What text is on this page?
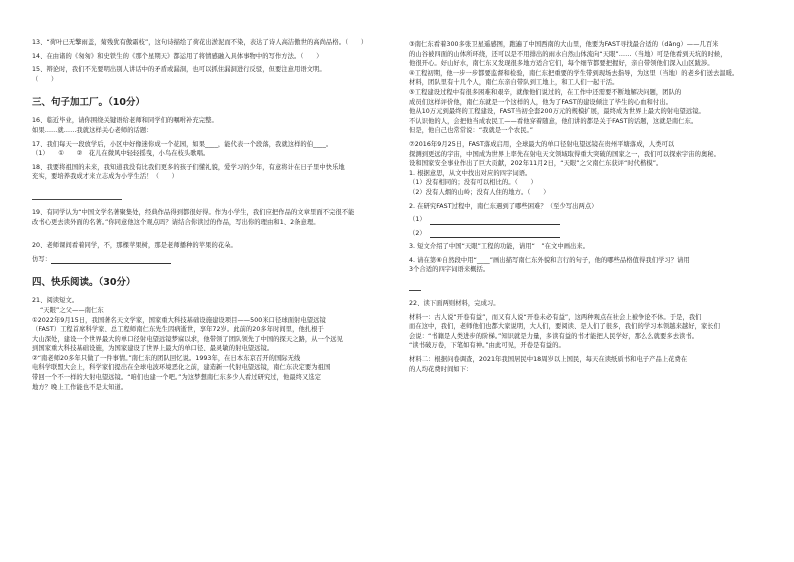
13、“荷叶已无擎雨盖，菊残犹有傲霜枝”，这句诗描绘了荷花出淤泥而不染，表达了诗人高洁傲世的高尚品格。（　　）

14、在由诸的《匆匆》和史铁生的《那个星期天》都运用了将情感融入具体事物中的写作方法。（　　）

15、辩论时，我们不光要明出别人讲话中的矛盾或漏洞，也可以抓住漏洞进行反驳，但要注意用语文明。

（　　）

三、句子加工厂。（10分）

16、临近毕业，请你围绕关键语给老师和同学们的嘱咐补充完整。

如果……就……我就这样关心老师的话题：

17、我们每天一段放学后，小区中好像迷你成一个花园，如果____，能代表一个段落，我就这样的伯____。

（1）　　①　　②　花儿在微风中轻轻摇曳，小鸟在枝头歌唱。

18、我要将祖国的未来，我知道我没有比我们更多的孩子们懂礼貌，爱学习的少年，有意将计在日子里中快乐地

充实，要培养我成才来立志成为小学生活！（　　）

19、有同学认为“中国文学名著聚集处，经典作品得到都很好得。作为小学生，我们应把作品的文章里面不完很不能

改书心更去读外面的名著。”你同意他这个观点吗？请结合你读过的作品，写出你的理由和1、2条意理。

20、老师课间看着同学，不，那棵苹果树，那是老师播种的苹果的花朵。

仿写：

四、快乐阅读。（30分）

21、阅读短文。

“天眼”之父——南仁东

①2022年9月15日，我国著名天文学家，国家重大科技基础设施建设项目——500米口径球面射电望远镜

（FAST）工程首席科学家、总工程师南仁东先生因病逝世，享年72岁。此前的20多年时间里，他扎根于

大山深处，建设一个世界最大的单口径射电望远镜梦寐以求，他带领了团队领先了中国的探天之路，从一个远见

到国家重大科技基础设施，为国家建设了世界上最大的单口径、最灵敏的射电望远镜。

②“南老师20多年只做了一件事情。”南仁东的团队回忆说。1993年，在日本东京召开的国际无线

电科学联盟大会上，科学家们提出在全球电波环境恶化之前，建造新一代射电望远镜，南仁东决定要为祖国

带回一个不一样的大射电望远镜。“咱们也建一个吧。”为这梦想南仁东多少人看过研究过，他最终又选定

地方？晚上工作能也不是太知道。

③南仁东看着300多张卫星遥感图，跑遍了中国西南的大山里，他要为FAST寻找最合适的（dǎng）——几百米

的山谷被四面的山体所环绕，还可以是不用排出的雨水自然山体流向“天眼”……（当地）可是他看到天坑的时候，

他很开心。好山好水，南仁东又发现很多地方适合它们，每个细节都要把握好，亲自带领他们深入山区跋涉。

④工程初期，他一步一步都要监督和检验，南仁东把重要的学生带到现场去指导，为这里（当地）的老乡们送去温暖。

材料，团队里有十几个人，南仁东亲自带队到工地上，和工人们一起干活。

⑤工程建设过程中有很多困难和艰辛，就像他们说过的，在工作中还需要不断地解决问题，团队的

成员们这样评价他，南仁东就是一个这样的人，他为了FAST的建设倾注了毕生的心血和付出。

他从10万元到最终的工程建设，FAST当初全套200万元的规模扩展，最终成为世界上最大的射电望远镜。

不认识他的人，会把他当成农民工——看他穿着随意，他们讲的都是关于FAST的话题，这就是南仁东。

但是，他自己也常常说：“我就是一个农民。”

⑦2016年9月25日，FAST落成启用，全球最大的单口径射电望远镜在贵州平塘落成，人类可以

探测到更远的宇宙，中国成为世界上率先在射电天文领域取得重大突破的国家之一，我们可以探索宇宙的奥秘。

设和国家安全事业作出了巨大贡献，202年11月2日，“天眼”之父南仁东获评“时代楷模”。

1. 根据意思，从文中找出对应的四字词语。

（1）没有相同的；没有可以相比的。（　　）

（2）没有人烟的山岭；没有人住的地方。（　　）

2. 在研究FAST过程中，南仁东遇到了哪些困难？（至少写出两点）

（1）

（2）

3. 短文介绍了中国“天眼”工程的功能，请用“　”在文中画出来。

4. 请在第⑥自然段中用“____”画出描写南仁东外貌和言行的句子，他的哪些品格值得我们学习？请用

3个合适的四字词语来概括。

22、读下面两则材料，完成习。

材料一：古人说“开卷有益”，而又有人说“开卷未必有益”，这两种观点在社会上被争论不休。于是，我们

而在这中，我们，老师他们也都大家说明，大人们，要阅读、是人们了很多，我们的学习本领越来越好，家长们

会说：“书籍是人类进步的阶梯。”知识就是力量，多读有益的书才能把人民学好，那么么就要多去读书。

“读书破万卷，下笔如有神。”由此可见，开卷是有益的。

材料二：根据问卷调查，2021年我国居民中18周岁以上国民，每天在读纸质书和电子产品上花费在

的人均花费时间如下：
